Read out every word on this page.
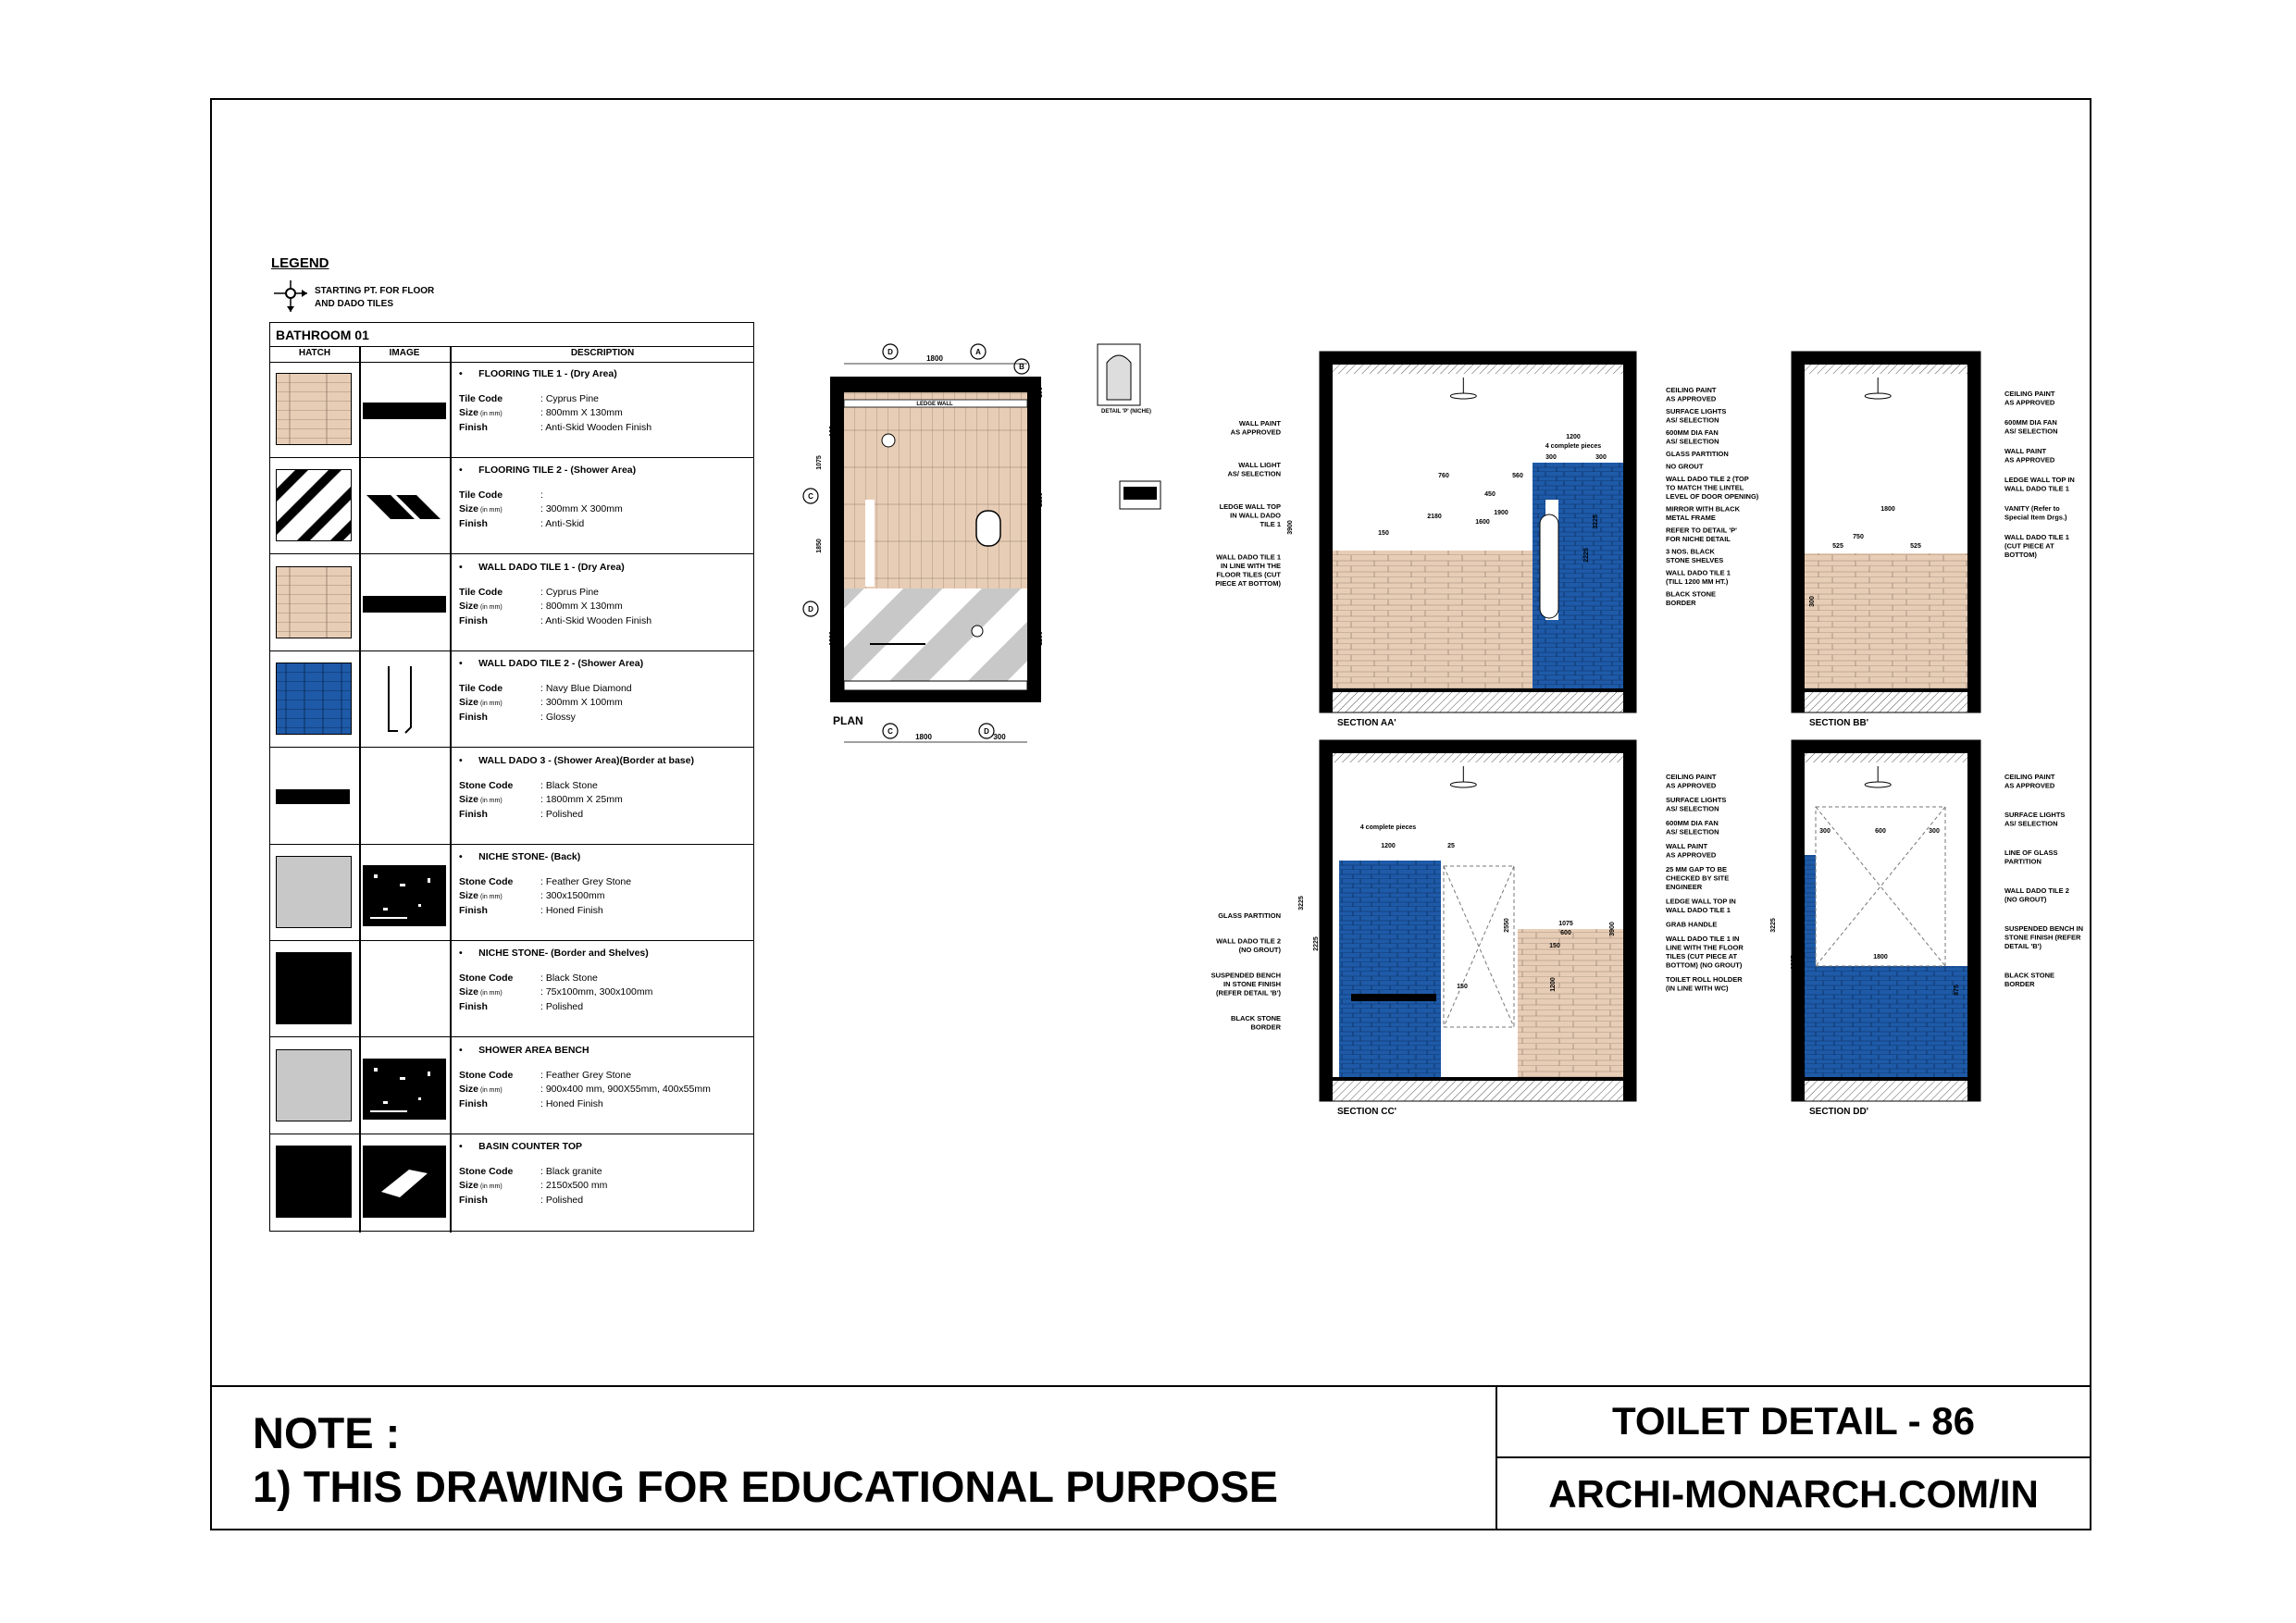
LEGEND
STARTING PT. FOR FLOOR
AND DADO TILES
BATHROOM 01
HATCH	IMAGE	DESCRIPTION
•      FLOORING TILE 1 - (Dry Area)
Tile Code	: Cyprus Pine
Size (in mm)	: 800mm X 130mm
Finish	: Anti-Skid Wooden Finish
•      FLOORING TILE 2 - (Shower Area)
Tile Code	:
Size (in mm)	: 300mm X 300mm
Finish	: Anti-Skid
•      WALL DADO TILE 1 - (Dry Area)
Tile Code	: Cyprus Pine
Size (in mm)	: 800mm X 130mm
Finish	: Anti-Skid Wooden Finish
•      WALL DADO TILE 2 - (Shower Area)
Tile Code	: Navy Blue Diamond
Size (in mm)	: 300mm X 100mm
Finish	: Glossy
•      WALL DADO 3 - (Shower Area)(Border at base)
Stone Code	: Black Stone
Size (in mm)	: 1800mm X 25mm
Finish	: Polished
•      NICHE STONE- (Back)
Stone Code	: Feather Grey Stone
Size (in mm)	: 300x1500mm
Finish	: Honed Finish
•      NICHE STONE- (Border and Shelves)
Stone Code	: Black Stone
Size (in mm)	: 75x100mm, 300x100mm
Finish	: Polished
•      SHOWER AREA BENCH
Stone Code	: Feather Grey Stone
Size (in mm)	: 900x400 mm, 900X55mm, 400x55mm
Finish	: Honed Finish
•      BASIN COUNTER TOP
Stone Code	: Black granite
Size (in mm)	: 2150x500 mm
Finish	: Polished
LEDGE WALL
PLAN
D	A
B
C
D
C	D
1800
1800	300
100
160
1075
1850
2150
1200	1200
DETAIL 'P' (NICHE)
SECTION AA'	SECTION BB'
SECTION CC'	SECTION DD'
WALL PAINT
AS APPROVED
WALL LIGHT
AS/ SELECTION
LEDGE WALL TOP
IN WALL DADO
TILE 1
WALL DADO TILE 1
IN LINE WITH THE
FLOOR TILES (CUT
PIECE AT BOTTOM)
CEILING PAINT
AS APPROVED
SURFACE LIGHTS
AS/ SELECTION
600MM DIA FAN
AS/ SELECTION
GLASS PARTITION
NO GROUT
WALL DADO TILE 2 (TOP
TO MATCH THE LINTEL
LEVEL OF DOOR OPENING)
MIRROR WITH BLACK
METAL FRAME
REFER TO DETAIL 'P'
FOR NICHE DETAIL
3 NOS. BLACK
STONE SHELVES
WALL DADO TILE 1
(TILL 1200 MM HT.)
BLACK STONE
BORDER
CEILING PAINT
AS APPROVED
600MM DIA FAN
AS/ SELECTION
WALL PAINT
AS APPROVED
LEDGE WALL TOP IN
WALL DADO TILE 1
VANITY (Refer to
Special Item Drgs.)
WALL DADO TILE 1
(CUT PIECE AT
BOTTOM)
GLASS PARTITION
WALL DADO TILE 2
(NO GROUT)
SUSPENDED BENCH
IN STONE FINISH
(REFER DETAIL 'B')
BLACK STONE
BORDER
CEILING PAINT
AS APPROVED
SURFACE LIGHTS
AS/ SELECTION
600MM DIA FAN
AS/ SELECTION
WALL PAINT
AS APPROVED
25 MM GAP TO BE
CHECKED BY SITE
ENGINEER
LEDGE WALL TOP IN
WALL DADO TILE 1
GRAB HANDLE
WALL DADO TILE 1 IN
LINE WITH THE FLOOR
TILES (CUT PIECE AT
BOTTOM) (NO GROUT)
TOILET ROLL HOLDER
(IN LINE WITH WC)
CEILING PAINT
AS APPROVED
SURFACE LIGHTS
AS/ SELECTION
LINE OF GLASS
PARTITION
WALL DADO TILE 2
(NO GROUT)
SUSPENDED BENCH IN
STONE FINISH (REFER
DETAIL 'B')
BLACK STONE
BORDER
1200
4 complete pieces
300	300
760	560
450
2180
1600
1900
150
3225
2225
3900
1800
750
525	525
3900
1200 300	900
4 complete pieces
1200	25
1075
600
150
3225
2225
2550
1200
3900
150
300	600	300
1800
3225
2225
875
NOTE :
1) THIS DRAWING FOR EDUCATIONAL PURPOSE
TOILET DETAIL - 86
ARCHI-MONARCH.COM/IN
